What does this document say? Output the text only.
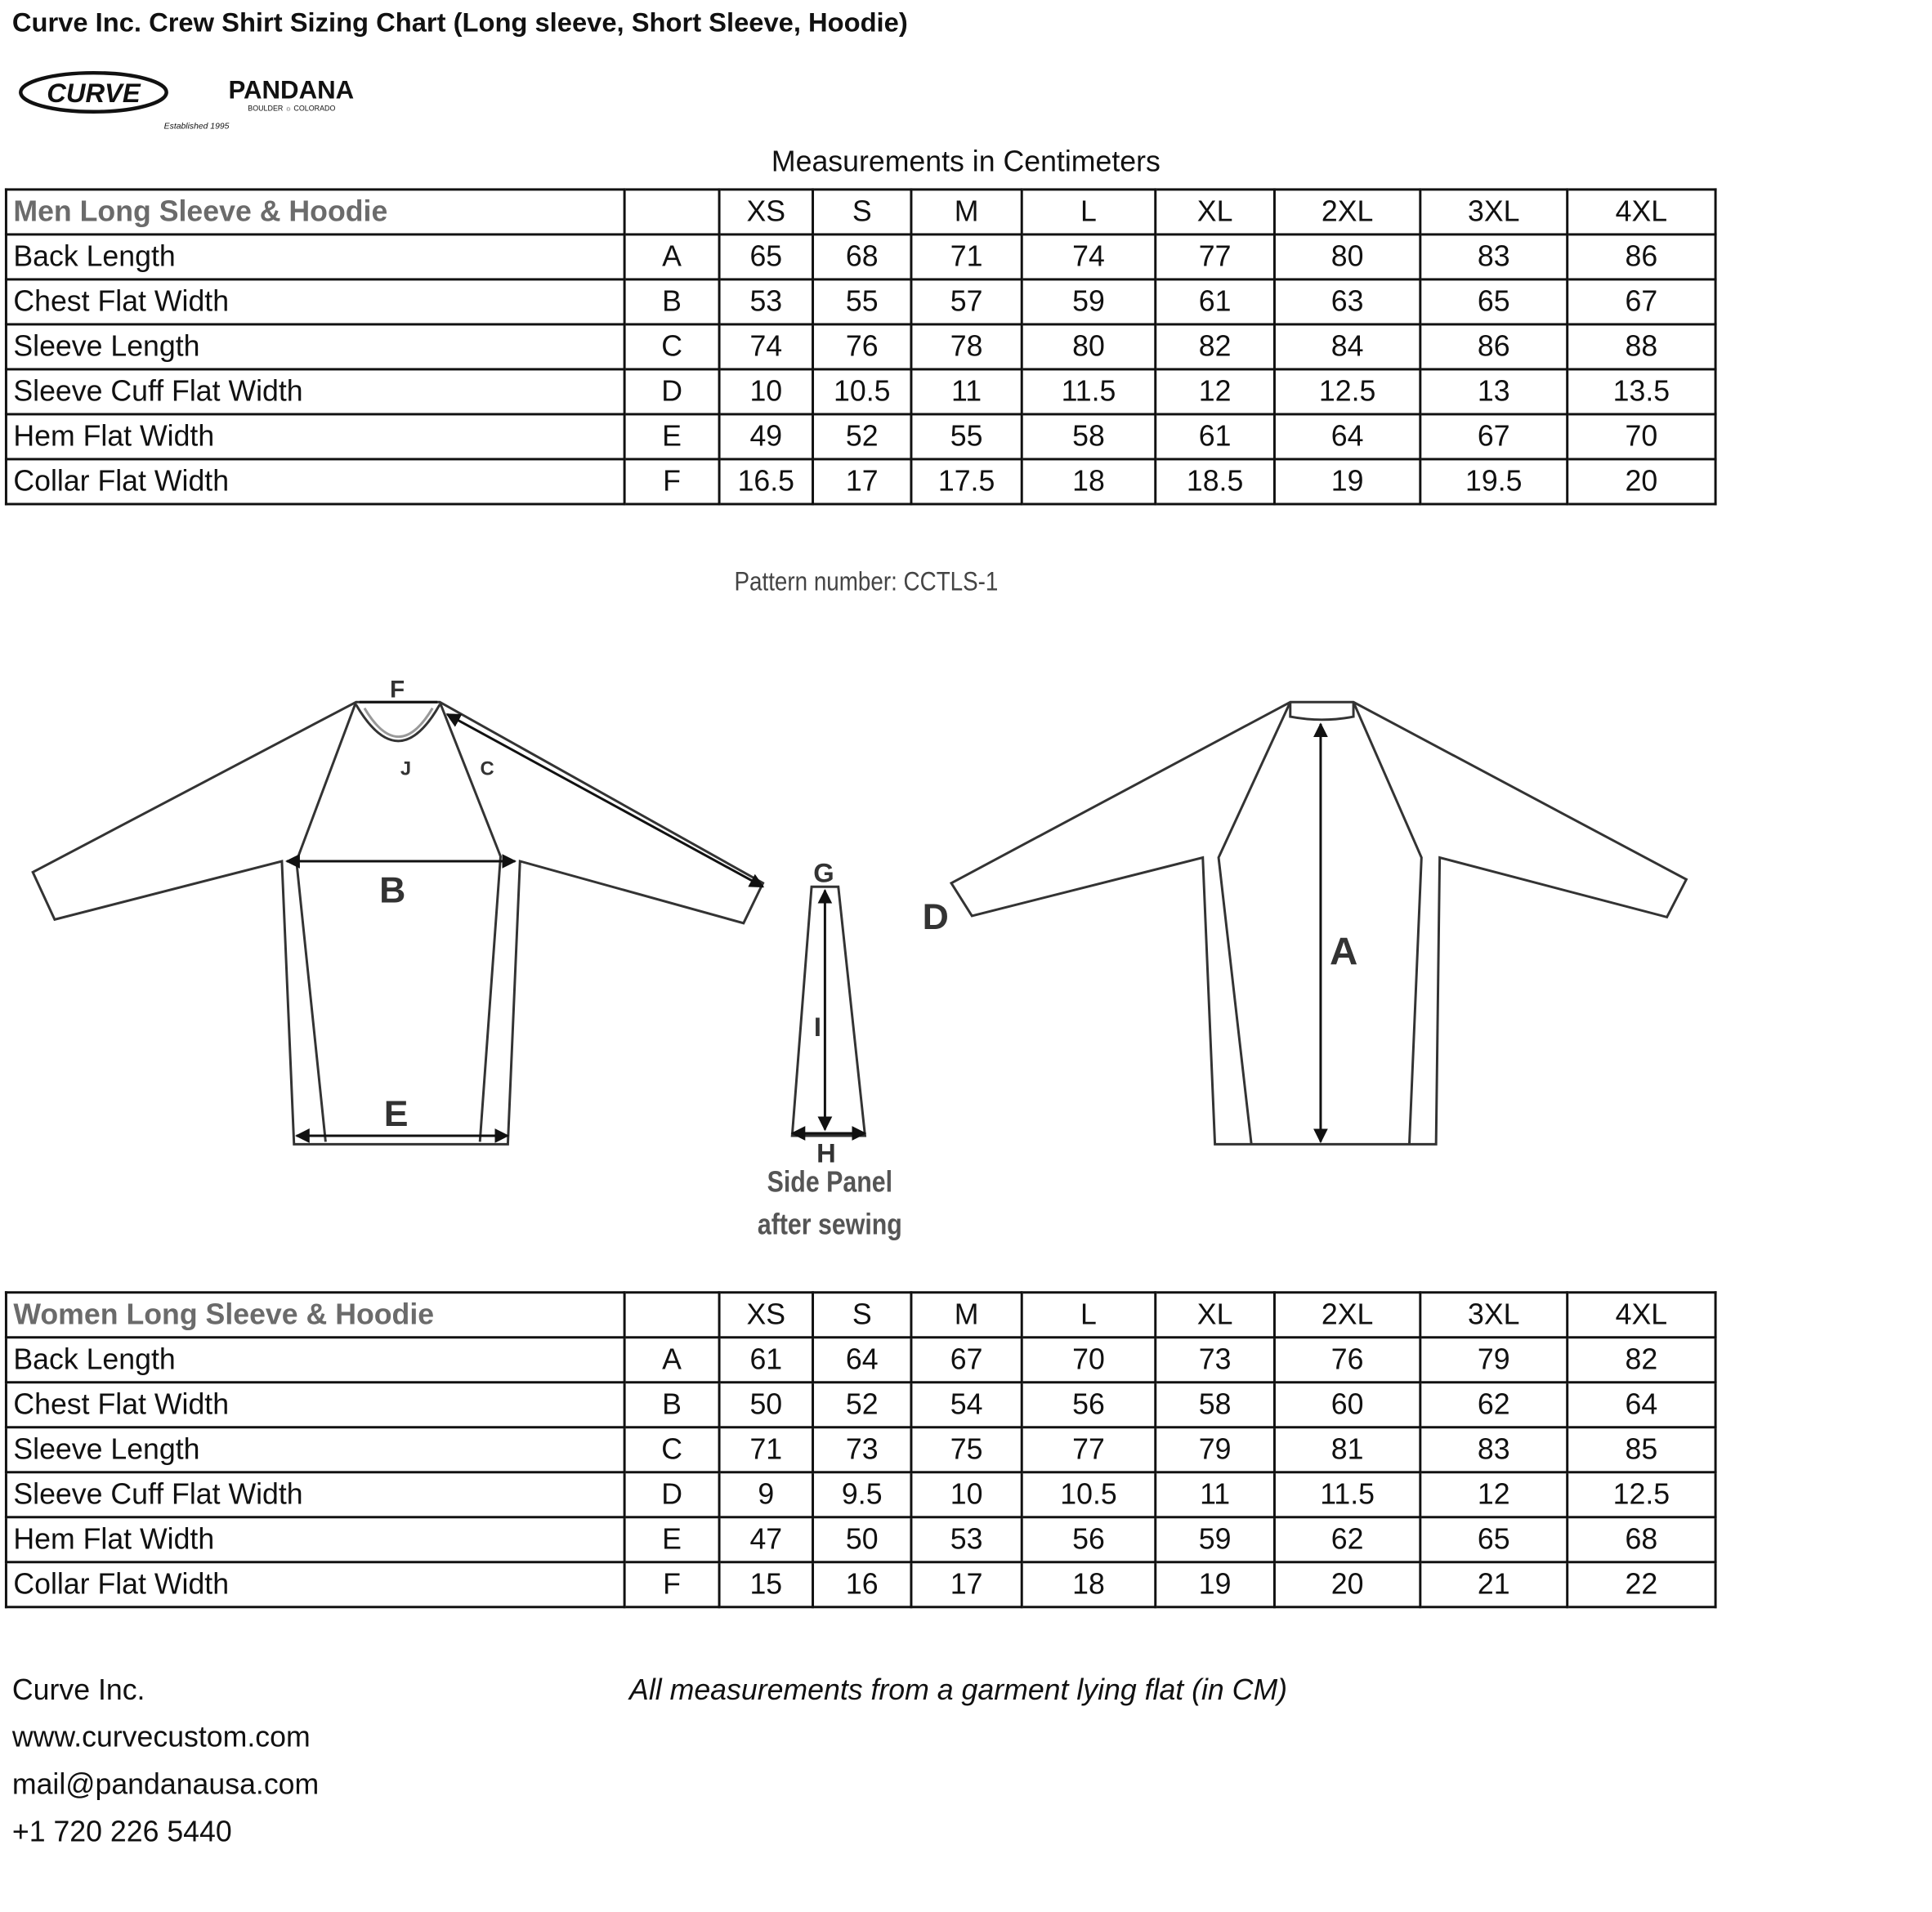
Curve Inc. Crew Shirt Sizing Chart (Long sleeve, Short Sleeve, Hoodie)
CURVE
Established 1995
PANDANA
BOULDER ☼ COLORADO
Measurements in Centimeters
Men Long Sleeve & Hoodie		XS	S	M	L	XL	2XL	3XL	4XL
Back Length	A	65	68	71	74	77	80	83	86
Chest Flat Width	B	53	55	57	59	61	63	65	67
Sleeve Length	C	74	76	78	80	82	84	86	88
Sleeve Cuff Flat Width	D	10	10.5	11	11.5	12	12.5	13	13.5
Hem Flat Width	E	49	52	55	58	61	64	67	70
Collar Flat Width	F	16.5	17	17.5	18	18.5	19	19.5	20
Pattern number: CCTLS-1
F
J	C
B
E
G
I
H
D
A
Side Panel
after sewing
Women Long Sleeve & Hoodie		XS	S	M	L	XL	2XL	3XL	4XL
Back Length	A	61	64	67	70	73	76	79	82
Chest Flat Width	B	50	52	54	56	58	60	62	64
Sleeve Length	C	71	73	75	77	79	81	83	85
Sleeve Cuff Flat Width	D	9	9.5	10	10.5	11	11.5	12	12.5
Hem Flat Width	E	47	50	53	56	59	62	65	68
Collar Flat Width	F	15	16	17	18	19	20	21	22
Curve Inc.
www.curvecustom.com
mail@pandanausa.com
+1 720 226 5440
All measurements from a garment lying flat (in CM)
